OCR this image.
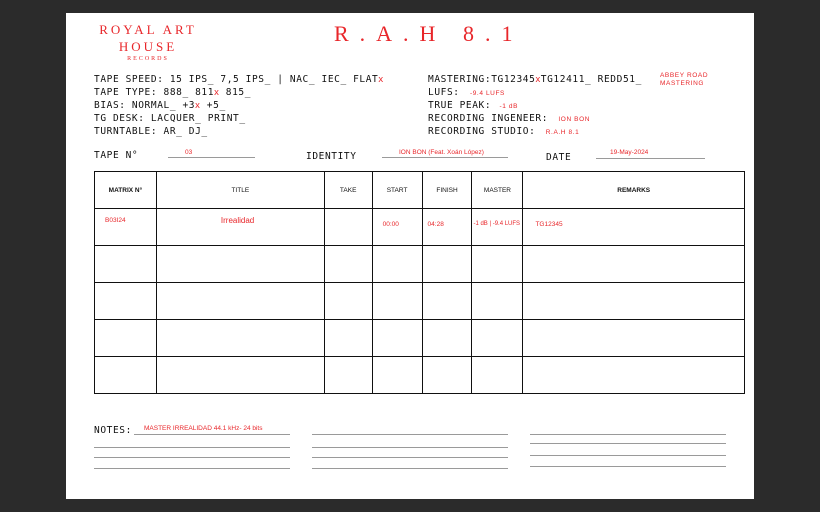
ROYAL ART
HOUSE
RECORDS
R.A.H 8.1
TAPE SPEED: 15 IPS_ 7,5 IPS_ | NAC_ IEC_ FLATx
TAPE TYPE: 888_ 811x 815_
BIAS: NORMAL_ +3x +5_
TG DESK: LACQUER_ PRINT_
TURNTABLE: AR_ DJ_
MASTERING:TG12345xTG12411_ REDD51_	ABBEY ROAD MASTERING
LUFS: -9.4 LUFS
TRUE PEAK: -1 dB
RECORDING INGENEER: ION BON
RECORDING STUDIO: R.A.H 8.1
TAPE N°	03	IDENTITY	ION BON (Feat. Xoán López)	DATE	19-May-2024
MATRIX N°	TITLE	TAKE	START	FINISH	MASTER	REMARKS

B03I24	Irrealidad		00:00	04:28	-1 dB | -9.4 LUFS	TG12345

NOTES: MASTER IRREALIDAD 44.1 kHz- 24 bits
